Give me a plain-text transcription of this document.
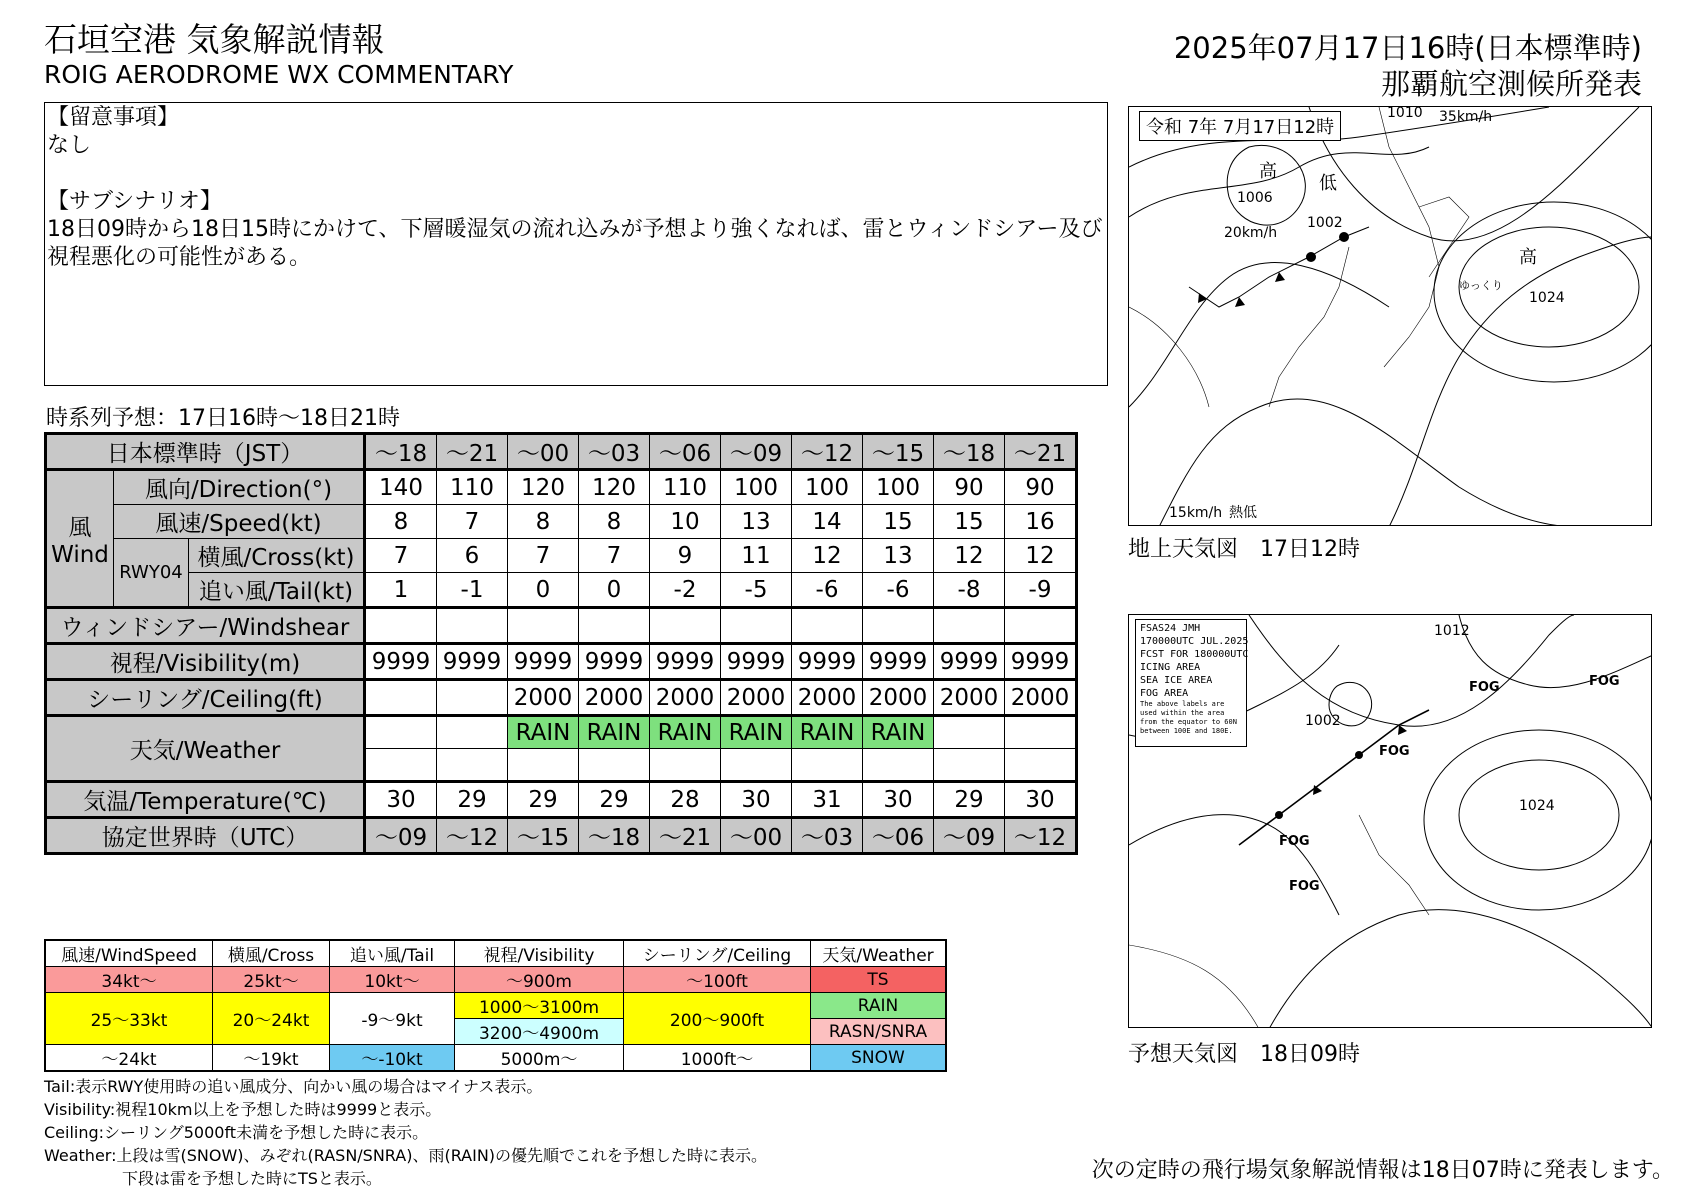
石垣空港 気象解説情報
ROIG AERODROME WX COMMENTARY
2025年07月17日16時(日本標準時)
那覇航空測候所発表

【留意事項】

なし

【サブシナリオ】

18日09時から18日15時にかけて、下層暖湿気の流れ込みが予想より強くなれば、雷とウィンドシアー及び視程悪化の可能性がある。

時系列予想：17日16時〜18日21時
日本標準時（JST）			〜18	〜21	〜00	〜03	〜06	〜09	〜12	〜15	〜18	〜21

風
Wind	風向/Direction(°)		140	110	120	120	110	100	100	100	90	90
	風速/Speed(kt)		8	7	8	8	10	13	14	15	15	16
	RWY04	横風/Cross(kt)	7	6	7	7	9	11	12	13	12	12
		追い風/Tail(kt)	1	-1	0	0	-2	-5	-6	-6	-8	-9
ウィンドシアー/Windshear												
視程/Visibility(m)			9999	9999	9999	9999	9999	9999	9999	9999	9999	9999
シーリング/Ceiling(ft)					2000	2000	2000	2000	2000	2000	2000	2000
天気/Weather					RAIN	RAIN	RAIN	RAIN	RAIN	RAIN		

気温/Temperature(℃)			30	29	29	29	28	30	31	30	29	30
協定世界時（UTC）			〜09	〜12	〜15	〜18	〜21	〜00	〜03	〜06	〜09	〜12
風速/WindSpeed	横風/Cross	追い風/Tail	視程/Visibility	シーリング/Ceiling	天気/Weather
34kt〜	25kt〜	10kt〜	〜900m	〜100ft	TS
25〜33kt	20〜24kt	-9〜9kt	1000〜3100m	200〜900ft	RAIN
			3200〜4900m		RASN/SNRA
〜24kt	〜19kt	〜-10kt	5000m〜	1000ft〜	SNOW

Tail:表示RWY使用時の追い風成分、向かい風の場合はマイナス表示。

Visibility:視程10km以上を予想した時は9999と表示。

Ceiling:シーリング5000ft未満を予想した時に表示。

Weather:上段は雪(SNOW)、みぞれ(RASN/SNRA)、雨(RAIN)の優先順でこれを予想した時に表示。

下段は雷を予想した時にTSと表示。	次の定時の飛行場気象解説情報は18日07時に発表します。
高
1006
低
1002
20km/h
高
1024
ゆっくり
35km/h
1010
15km/h 熱低
令和 7年 7月17日12時
地上天気図　17日12時
1002
1024
1012
FOG	FOG
FOG
FOG
FOG

FSAS24 JMH

170000UTC JUL.2025

FCST FOR 180000UTC

ICING AREA

SEA ICE AREA

FOG AREA

The above labels are used within the area from the equator to 60N between 100E and 180E.

予想天気図　18日09時
